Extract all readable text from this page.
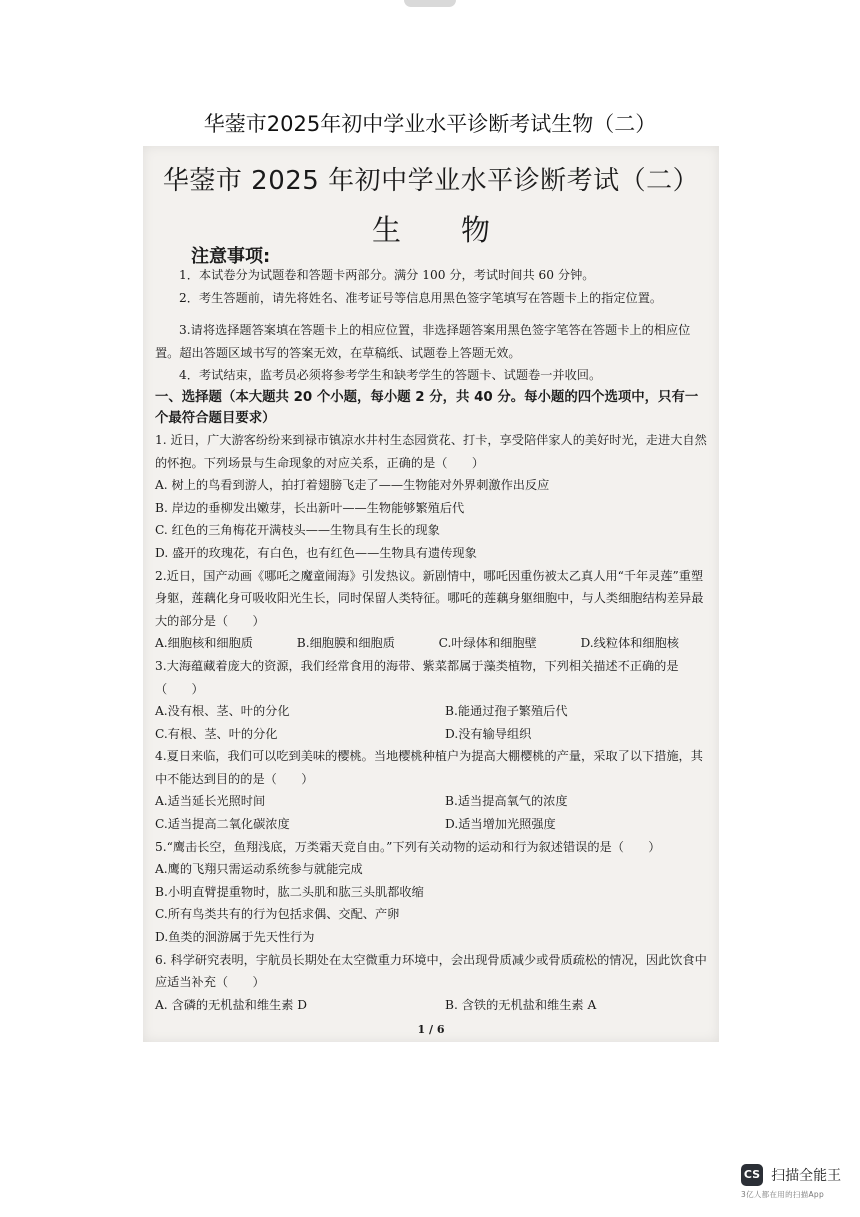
华蓥市2025年初中学业水平诊断考试生物（二）
华蓥市 2025 年初中学业水平诊断考试（二）
生物
注意事项:

1．本试卷分为试题卷和答题卡两部分。满分 100 分，考试时间共 60 分钟。

2．考生答题前，请先将姓名、准考证号等信息用黑色签字笔填写在答题卡上的指定位置。

3.请将选择题答案填在答题卡上的相应位置，非选择题答案用黑色签字笔答在答题卡上的相应位置。超出答题区域书写的答案无效，在草稿纸、试题卷上答题无效。

4．考试结束，监考员必须将参考学生和缺考学生的答题卡、试题卷一并收回。

一、选择题（本大题共 20 个小题，每小题 2 分，共 40 分。每小题的四个选项中，只有一个最符合题目要求）

1. 近日，广大游客纷纷来到禄市镇凉水井村生态园赏花、打卡，享受陪伴家人的美好时光，走进大自然的怀抱。下列场景与生命现象的对应关系，正确的是（　　）

A. 树上的鸟看到游人，拍打着翅膀飞走了——生物能对外界刺激作出反应

B. 岸边的垂柳发出嫩芽，长出新叶——生物能够繁殖后代

C. 红色的三角梅花开满枝头——生物具有生长的现象

D. 盛开的玫瑰花，有白色，也有红色——生物具有遗传现象

2.近日，国产动画《哪吒之魔童闹海》引发热议。新剧情中，哪吒因重伤被太乙真人用“千年灵莲”重塑身躯，莲藕化身可吸收阳光生长，同时保留人类特征。哪吒的莲藕身躯细胞中，与人类细胞结构差异最大的部分是（　　）

A.细胞核和细胞质	B.细胞膜和细胞质	C.叶绿体和细胞壁	D.线粒体和细胞核

3.大海蕴藏着庞大的资源，我们经常食用的海带、紫菜都属于藻类植物，下列相关描述不正确的是（　　）

A.没有根、茎、叶的分化	B.能通过孢子繁殖后代
C.有根、茎、叶的分化	D.没有输导组织

4.夏日来临，我们可以吃到美味的樱桃。当地樱桃种植户为提高大棚樱桃的产量，采取了以下措施，其中不能达到目的的是（　　）

A.适当延长光照时间	B.适当提高氧气的浓度
C.适当提高二氧化碳浓度	D.适当增加光照强度

5.“鹰击长空，鱼翔浅底，万类霜天竞自由。”下列有关动物的运动和行为叙述错误的是（　　）

A.鹰的飞翔只需运动系统参与就能完成

B.小明直臂提重物时，肱二头肌和肱三头肌都收缩

C.所有鸟类共有的行为包括求偶、交配、产卵

D.鱼类的洄游属于先天性行为

6. 科学研究表明，宇航员长期处在太空微重力环境中，会出现骨质减少或骨质疏松的情况，因此饮食中应适当补充（　　）

A. 含磷的无机盐和维生素 D	B. 含铁的无机盐和维生素 A
1 / 6
CS 扫描全能王
3亿人都在用的扫描App
